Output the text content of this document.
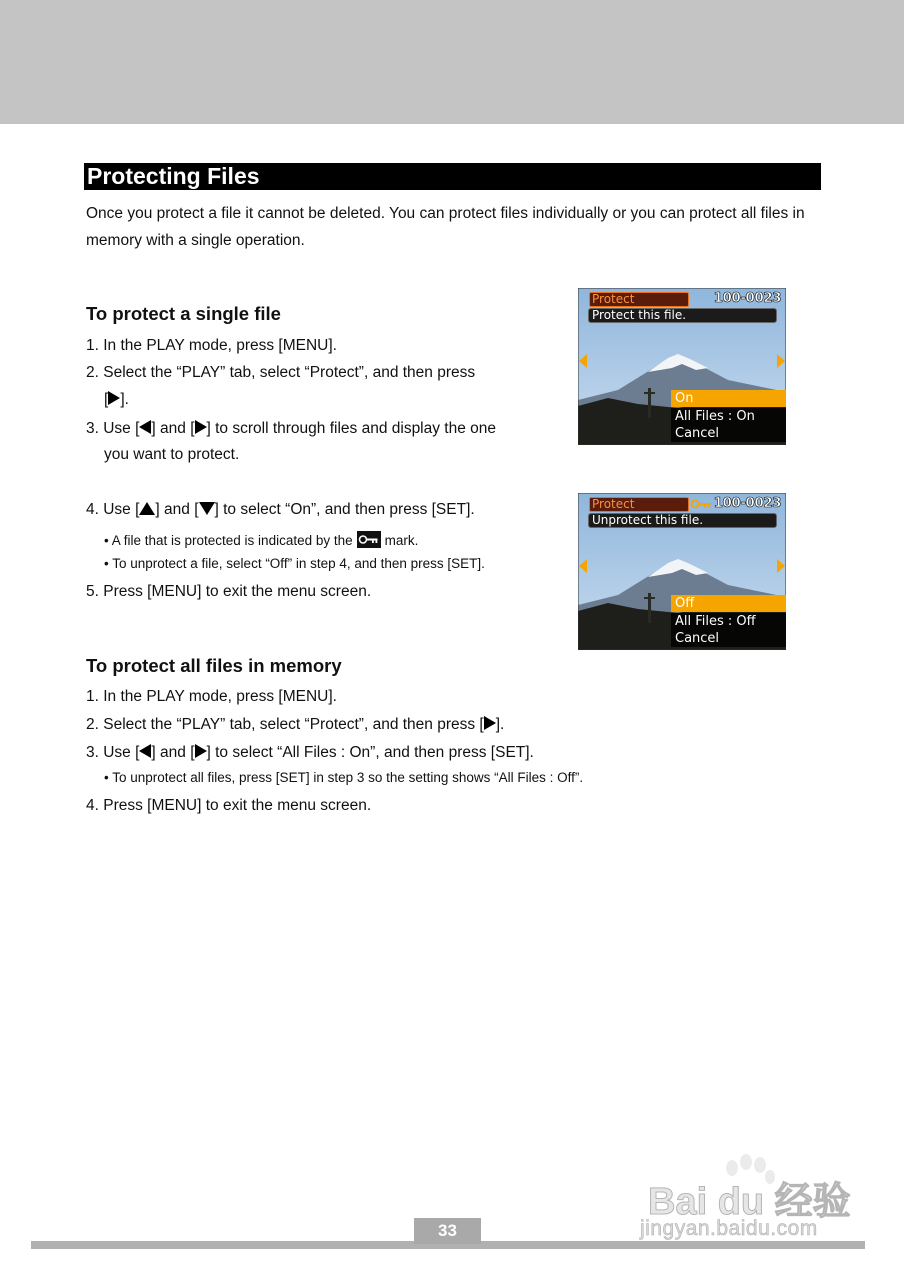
Protecting Files
Once you protect a file it cannot be deleted. You can protect files individually or you can protect all files in memory with a single operation.
To protect a single file
1. In the PLAY mode, press [MENU].
2. Select the “PLAY” tab, select “Protect”, and then press
[ ].
3. Use [ ] and [ ] to scroll through files and display the one
you want to protect.
4. Use [ ] and [ ] to select “On”, and then press [SET].
• A file that is protected is indicated by the mark.
• To unprotect a file, select “Off” in step 4, and then press [SET].
5. Press [MENU] to exit the menu screen.
To protect all files in memory
1. In the PLAY mode, press [MENU].
2. Select the “PLAY” tab, select “Protect”, and then press [ ].
3. Use [ ] and [ ] to select “All Files : On”, and then press [SET].
• To unprotect all files, press [SET] in step 3 so the setting shows “All Files : Off”.
4. Press [MENU] to exit the menu screen.
Protect	100-0023
Protect this file.
On
All Files : On
Cancel
Protect	100-0023
Unprotect this file.
Off
All Files : Off
Cancel
33
Bai du 经验
jingyan.baidu.com
